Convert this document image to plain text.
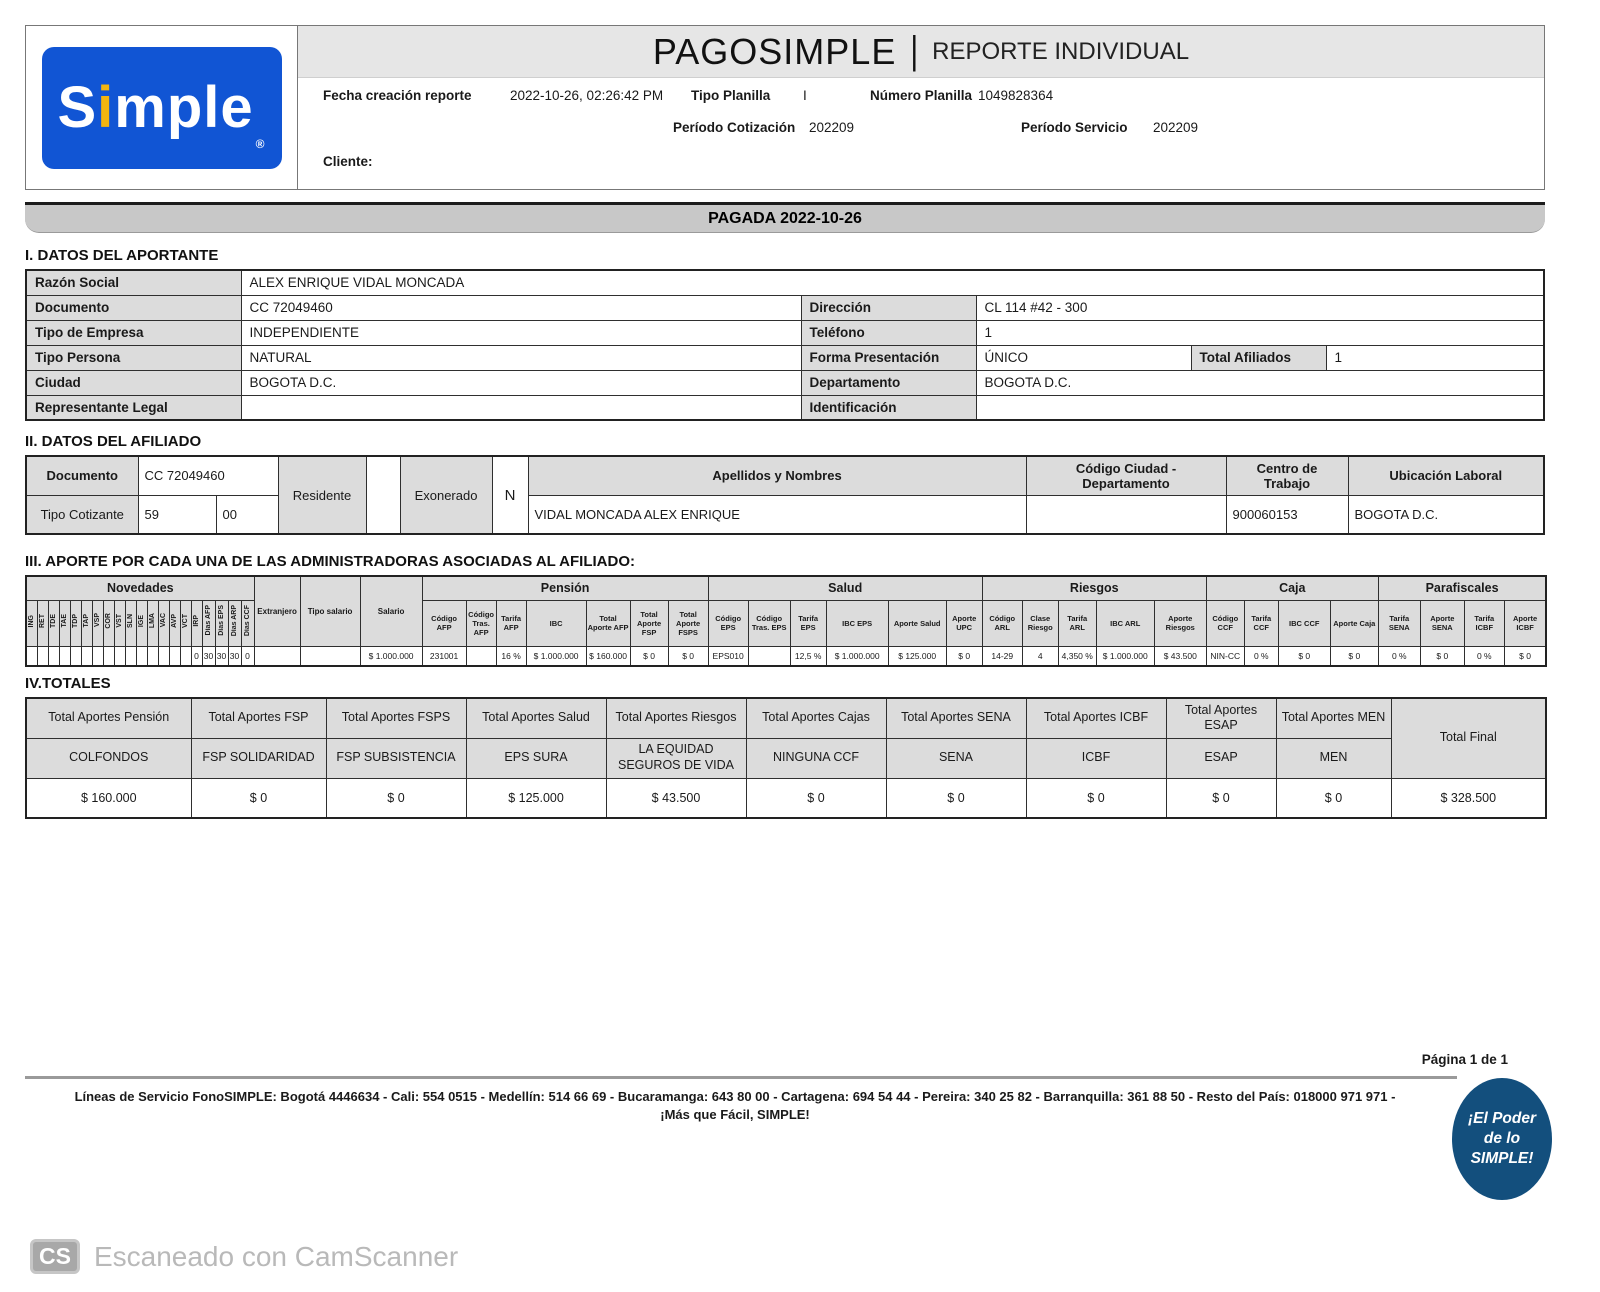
S i mple
®
PAGOSIMPLE | REPORTE INDIVIDUAL
Fecha creación reporte	2022-10-26, 02:26:42 PM Tipo Planilla I	Número Planilla 1049828364
Período Cotización 202209	Período Servicio 202209
Cliente:
PAGADA 2022-10-26
I. DATOS DEL APORTANTE
Razón Social	ALEX ENRIQUE VIDAL MONCADA				
Documento	CC 72049460	Dirección	CL 114 #42 - 300		
Tipo de Empresa	INDEPENDIENTE	Teléfono	1		
Tipo Persona	NATURAL	Forma Presentación	ÚNICO	Total Afiliados	1
Ciudad	BOGOTA D.C.	Departamento	BOGOTA D.C.		
Representante Legal		Identificación			
II. DATOS DEL AFILIADO
Documento	CC 72049460		Residente		Exonerado	N	Apellidos y Nombres	Código Ciudad - Departamento	Centro de Trabajo	Ubicación Laboral
Tipo Cotizante	59	00					VIDAL MONCADA ALEX ENRIQUE		900060153	BOGOTA D.C.
III. APORTE POR CADA UNA DE LAS ADMINISTRADORAS ASOCIADAS AL AFILIADO:
Novedades																				Extranjero	Tipo salario	Salario	Pensión							Salud						Riesgos					Caja				Parafiscales			
ING	RET	TDE	TAE	TDP	TAP	VSP	COR	VST	SLN	IGE	LMA	VAC	AVP	VCT	IRP	Días AFP	Días EPS	Días ARP	Días CCF				Código AFP	Código Tras. AFP	Tarifa AFP	IBC	Total Aporte AFP	Total Aporte FSP	Total Aporte FSPS	Código EPS	Código Tras. EPS	Tarifa EPS	IBC EPS	Aporte Salud	Aporte UPC	Código ARL	Clase Riesgo	Tarifa ARL	IBC ARL	Aporte Riesgos	Código CCF	Tarifa CCF	IBC CCF	Aporte Caja	Tarifa SENA	Aporte SENA	Tarifa ICBF	Aporte ICBF
															0	30	30	30	0			$ 1.000.000	231001		16 %	$ 1.000.000	$ 160.000	$ 0	$ 0	EPS010		12,5 %	$ 1.000.000	$ 125.000	$ 0	14-29	4	4,350 %	$ 1.000.000	$ 43.500	NIN-CC	0 %	$ 0	$ 0	0 %	$ 0	0 %	$ 0
IV.TOTALES
Total Aportes Pensión	Total Aportes FSP	Total Aportes FSPS	Total Aportes Salud	Total Aportes Riesgos	Total Aportes Cajas	Total Aportes SENA	Total Aportes ICBF	Total Aportes ESAP	Total Aportes MEN	Total Final
COLFONDOS	FSP SOLIDARIDAD	FSP SUBSISTENCIA	EPS SURA	LA EQUIDAD SEGUROS DE VIDA	NINGUNA CCF	SENA	ICBF	ESAP	MEN	
$ 160.000	$ 0	$ 0	$ 125.000	$ 43.500	$ 0	$ 0	$ 0	$ 0	$ 0	$ 328.500
Página 1 de 1
Líneas de Servicio FonoSIMPLE: Bogotá 4446634 - Cali: 554 0515 - Medellín: 514 66 69 - Bucaramanga: 643 80 00 - Cartagena: 694 54 44 - Pereira: 340 25 82 - Barranquilla: 361 88 50 - Resto del País: 018000 971 971 -
¡Más que Fácil, SIMPLE!	¡El Poder
de lo SIMPLE!
CS Escaneado con CamScanner
